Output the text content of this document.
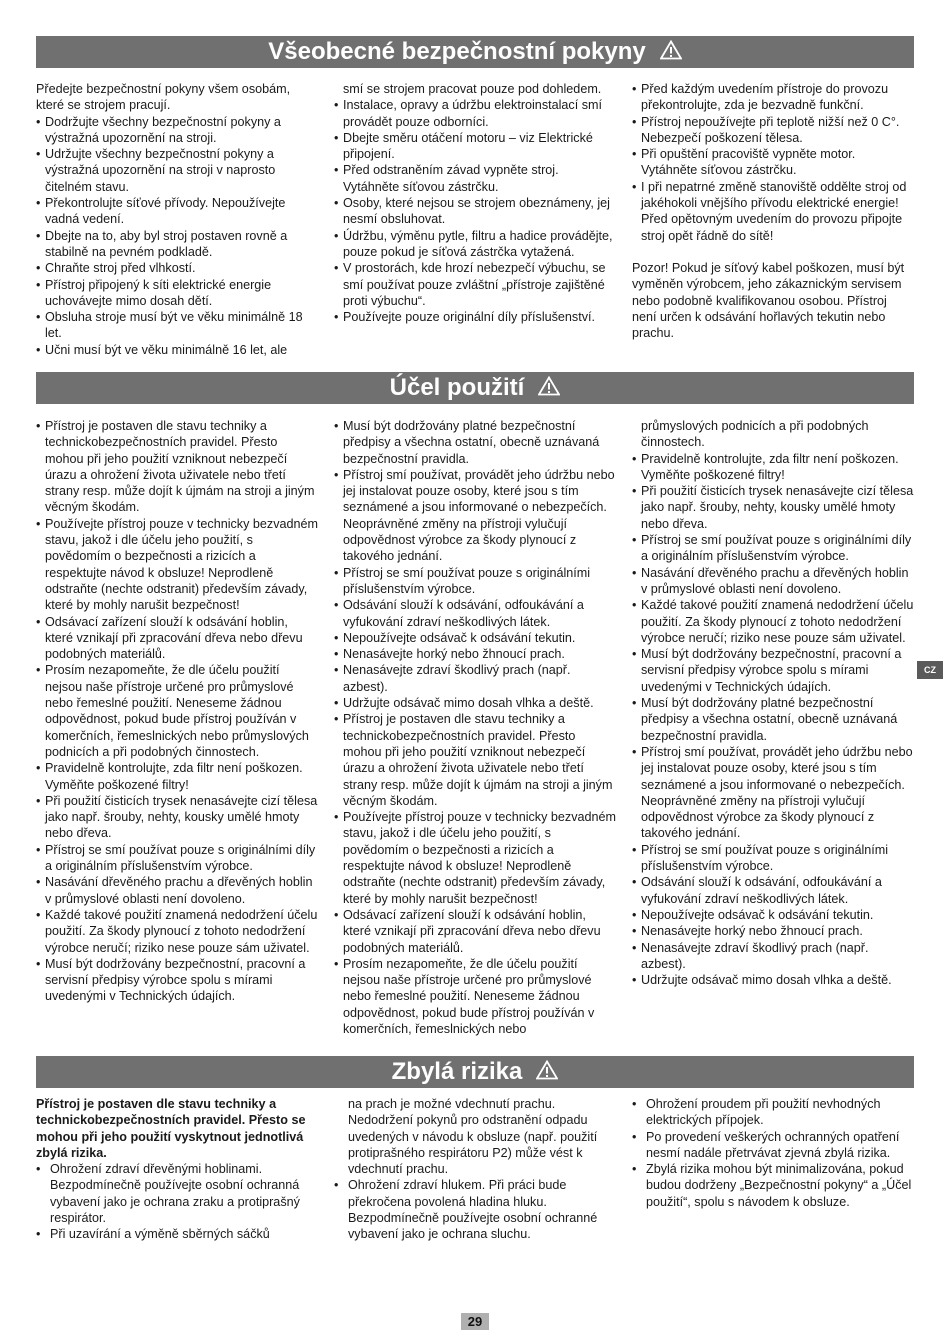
Všeobecné bezpečnostní pokyny

Předejte bezpečnostní pokyny všem osobám, které se strojem pracují.

• Dodržujte všechny bezpečnostní pokyny a výstražná upozornění na stroji.

• Udržujte všechny bezpečnostní pokyny a výstražná upozornění na stroji v naprosto čitelném stavu.

• Překontrolujte síťové přívody. Nepoužívejte vadná vedení.

• Dbejte na to, aby byl stroj postaven rovně a stabilně na pevném podkladě.

• Chraňte stroj před vlhkostí.

• Přístroj připojený k síti elektrické energie uchovávejte mimo dosah dětí.

• Obsluha stroje musí být ve věku minimálně 18 let.

• Učni musí být ve věku minimálně 16 let, ale

smí se strojem pracovat pouze pod dohledem.

• Instalace, opravy a údržbu elektroinstalací smí provádět pouze odborníci.

• Dbejte směru otáčení motoru – viz Elektrické připojení.

• Před odstraněním závad vypněte stroj. Vytáhněte síťovou zástrčku.

• Osoby, které nejsou se strojem obeznámeny, jej nesmí obsluhovat.

• Údržbu, výměnu pytle, filtru a hadice provádějte, pouze pokud je síťová zástrčka vytažená.

• V prostorách, kde hrozí nebezpečí výbuchu, se smí používat pouze zvláštní „přístroje zajištěné proti výbuchu“.

• Používejte pouze originální díly příslušenství.

• Před každým uvedením přístroje do provozu překontrolujte, zda je bezvadně funkční.

• Přístroj nepoužívejte při teplotě nižší než 0 C°. Nebezpečí poškození tělesa.

• Při opuštění pracoviště vypněte motor. Vytáhněte síťovou zástrčku.

• I při nepatrné změně stanoviště oddělte stroj od jakéhokoli vnějšího přívodu elektrické energie! Před opětovným uvedením do provozu připojte stroj opět řádně do sítě!

Pozor! Pokud je síťový kabel poškozen, musí být vyměněn výrobcem, jeho zákaznickým servisem nebo podobně kvalifikovanou osobou. Přístroj není určen k odsávání hořlavých tekutin nebo prachu.

Účel použití

• Přístroj je postaven dle stavu techniky a technickobezpečnostních pravidel. Přesto mohou při jeho použití vzniknout nebezpečí úrazu a ohrožení života uživatele nebo třetí strany resp. může dojít k újmám na stroji a jiným věcným škodám.

• Používejte přístroj pouze v technicky bezvadném stavu, jakož i dle účelu jeho použití, s povědomím o bezpečnosti a rizicích a respektujte návod k obsluze! Neprodleně odstraňte (nechte odstranit) především závady, které by mohly narušit bezpečnost!

• Odsávací zařízení slouží k odsávání hoblin, které vznikají při zpracování dřeva nebo dřevu podobných materiálů.

• Prosím nezapomeňte, že dle účelu použití nejsou naše přístroje určené pro průmyslové nebo řemeslné použití. Neneseme žádnou odpovědnost, pokud bude přístroj používán v komerčních, řemeslnických nebo průmyslových podnicích a při podobných činnostech.

• Pravidelně kontrolujte, zda filtr není poškozen. Vyměňte poškozené filtry!

• Při použití čisticích trysek nenasávejte cizí tělesa jako např. šrouby, nehty, kousky umělé hmoty nebo dřeva.

• Přístroj se smí používat pouze s originálními díly a originálním příslušenstvím výrobce.

• Nasávání dřevěného prachu a dřevěných hoblin v průmyslové oblasti není dovoleno.

• Každé takové použití znamená nedodržení účelu použití. Za škody plynoucí z tohoto nedodržení výrobce neručí; riziko nese pouze sám uživatel.

• Musí být dodržovány bezpečnostní, pracovní a servisní předpisy výrobce spolu s mírami uvedenými v Technických údajích.

• Musí být dodržovány platné bezpečnostní předpisy a všechna ostatní, obecně uznávaná bezpečnostní pravidla.

• Přístroj smí používat, provádět jeho údržbu nebo jej instalovat pouze osoby, které jsou s tím seznámené a jsou informované o nebezpečích. Neoprávněné změny na přístroji vylučují odpovědnost výrobce za škody plynoucí z takového jednání.

• Přístroj se smí používat pouze s originálními příslušenstvím výrobce.

• Odsávání slouží k odsávání, odfoukávání a vyfukování zdraví neškodlivých látek.

• Nepoužívejte odsávač k odsávání tekutin.

• Nenasávejte horký nebo žhnoucí prach.

• Nenasávejte zdraví škodlivý prach (např. azbest).

• Udržujte odsávač mimo dosah vlhka a deště.

• Přístroj je postaven dle stavu techniky a technickobezpečnostních pravidel. Přesto mohou při jeho použití vzniknout nebezpečí úrazu a ohrožení života uživatele nebo třetí strany resp. může dojít k újmám na stroji a jiným věcným škodám.

• Používejte přístroj pouze v technicky bezvadném stavu, jakož i dle účelu jeho použití, s povědomím o bezpečnosti a rizicích a respektujte návod k obsluze! Neprodleně odstraňte (nechte odstranit) především závady, které by mohly narušit bezpečnost!

• Odsávací zařízení slouží k odsávání hoblin, které vznikají při zpracování dřeva nebo dřevu podobných materiálů.

• Prosím nezapomeňte, že dle účelu použití nejsou naše přístroje určené pro průmyslové nebo řemeslné použití. Neneseme žádnou odpovědnost, pokud bude přístroj používán v komerčních, řemeslnických nebo

průmyslových podnicích a při podobných činnostech.

• Pravidelně kontrolujte, zda filtr není poškozen. Vyměňte poškozené filtry!

• Při použití čisticích trysek nenasávejte cizí tělesa jako např. šrouby, nehty, kousky umělé hmoty nebo dřeva.

• Přístroj se smí používat pouze s originálními díly a originálním příslušenstvím výrobce.

• Nasávání dřevěného prachu a dřevěných hoblin v průmyslové oblasti není dovoleno.

• Každé takové použití znamená nedodržení účelu použití. Za škody plynoucí z tohoto nedodržení výrobce neručí; riziko nese pouze sám uživatel.

• Musí být dodržovány bezpečnostní, pracovní a servisní předpisy výrobce spolu s mírami uvedenými v Technických údajích.

• Musí být dodržovány platné bezpečnostní předpisy a všechna ostatní, obecně uznávaná bezpečnostní pravidla.

• Přístroj smí používat, provádět jeho údržbu nebo jej instalovat pouze osoby, které jsou s tím seznámené a jsou informované o nebezpečích. Neoprávněné změny na přístroji vylučují odpovědnost výrobce za škody plynoucí z takového jednání.

• Přístroj se smí používat pouze s originálními příslušenstvím výrobce.

• Odsávání slouží k odsávání, odfoukávání a vyfukování zdraví neškodlivých látek.

• Nepoužívejte odsávač k odsávání tekutin.

• Nenasávejte horký nebo žhnoucí prach.

• Nenasávejte zdraví škodlivý prach (např. azbest).

• Udržujte odsávač mimo dosah vlhka a deště.

CZ
Zbylá rizika

Přístroj je postaven dle stavu techniky a technickobezpečnostních pravidel. Přesto se mohou při jeho použití vyskytnout jednotlivá zbylá rizika.

• Ohrožení zdraví dřevěnými hoblinami. Bezpodmínečně používejte osobní ochranná vybavení jako je ochrana zraku a protiprašný respirátor.

• Při uzavírání a výměně sběrných sáčků

na prach je možné vdechnutí prachu. Nedodržení pokynů pro odstranění odpadu uvedených v návodu k obsluze (např. použití protiprašného respirátoru P2) může vést k vdechnutí prachu.

• Ohrožení zdraví hlukem. Při práci bude překročena povolená hladina hluku. Bezpodmínečně používejte osobní ochranné vybavení jako je ochrana sluchu.

• Ohrožení proudem při použití nevhodných elektrických přípojek.

• Po provedení veškerých ochranných opatření nesmí nadále přetrvávat zjevná zbylá rizika.

• Zbylá rizika mohou být minimalizována, pokud budou dodrženy „Bezpečnostní pokyny“ a „Účel použití“, spolu s návodem k obsluze.

29
